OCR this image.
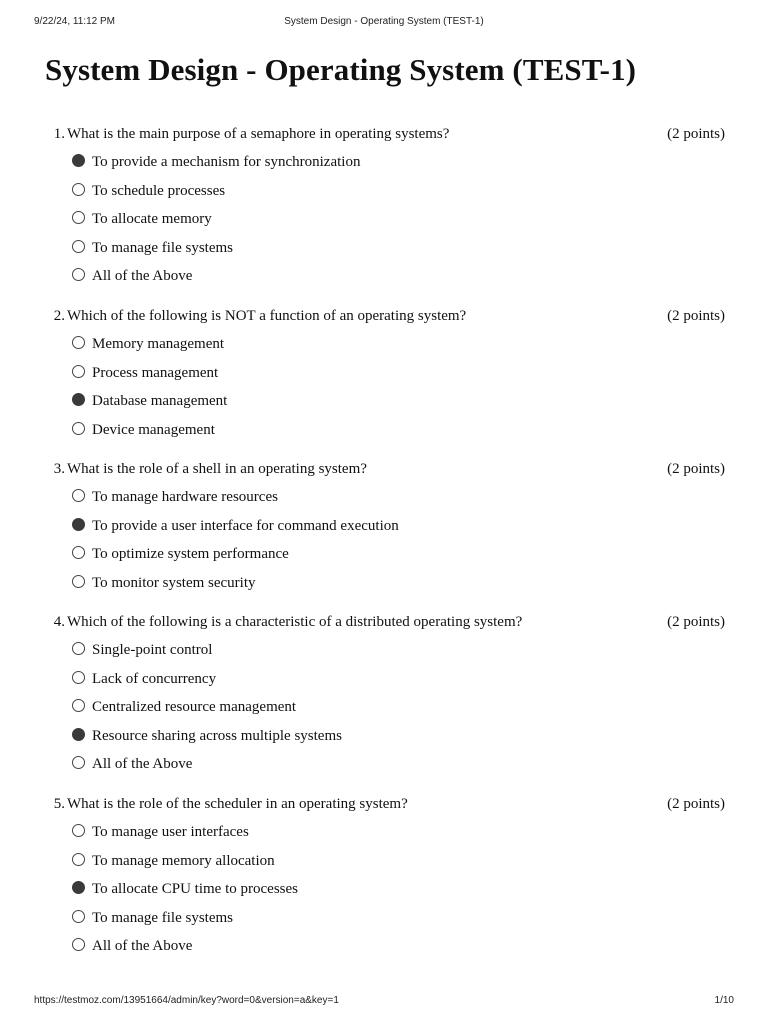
9/22/24, 11:12 PM	System Design - Operating System (TEST-1)
System Design - Operating System (TEST-1)
1. What is the main purpose of a semaphore in operating systems?	(2 points)
To provide a mechanism for synchronization
To schedule processes
To allocate memory
To manage file systems
All of the Above
2. Which of the following is NOT a function of an operating system?	(2 points)
Memory management
Process management
Database management
Device management
3. What is the role of a shell in an operating system?	(2 points)
To manage hardware resources
To provide a user interface for command execution
To optimize system performance
To monitor system security
4. Which of the following is a characteristic of a distributed operating system?	(2 points)
Single-point control
Lack of concurrency
Centralized resource management
Resource sharing across multiple systems
All of the Above
5. What is the role of the scheduler in an operating system?	(2 points)
To manage user interfaces
To manage memory allocation
To allocate CPU time to processes
To manage file systems
All of the Above
https://testmoz.com/13951664/admin/key?word=0&version=a&key=1	1/10
